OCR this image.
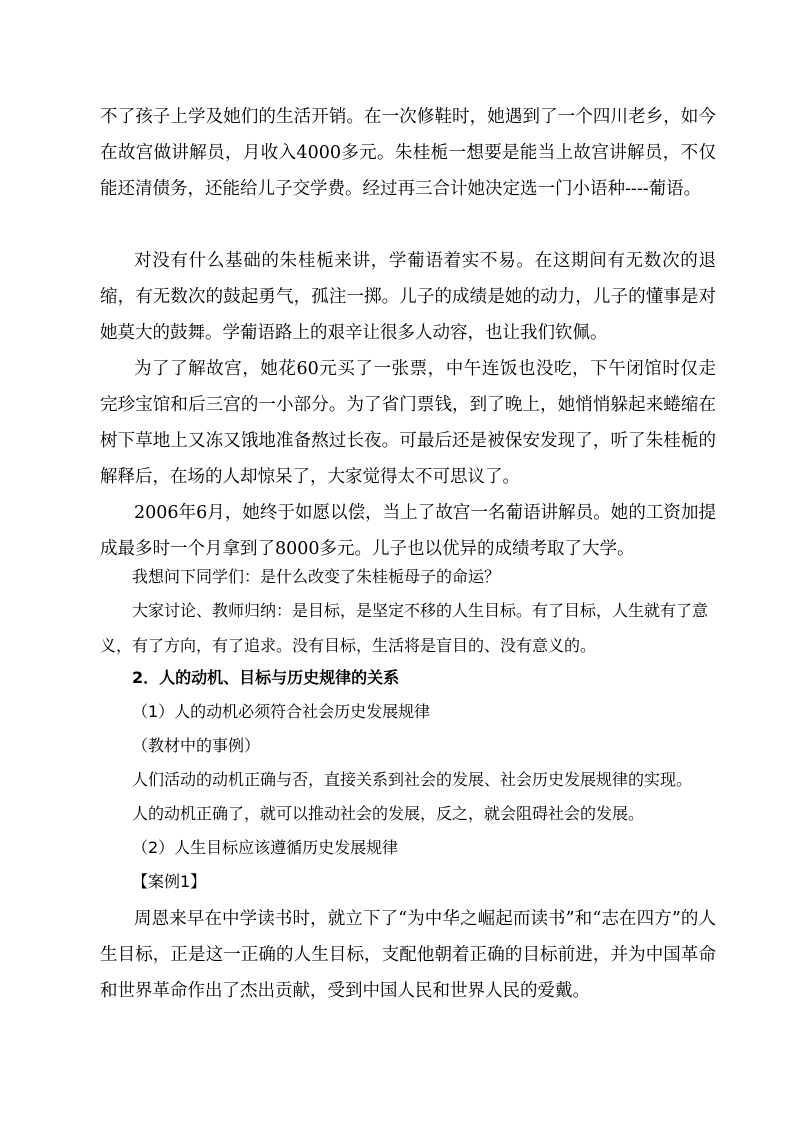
不了孩子上学及她们的生活开销。在一次修鞋时，她遇到了一个四川老乡，如今在故宫做讲解员，月收入4000多元。朱桂栀一想要是能当上故宫讲解员，不仅能还清债务，还能给儿子交学费。经过再三合计她决定选一门小语种----葡语。
对没有什么基础的朱桂栀来讲，学葡语着实不易。在这期间有无数次的退缩，有无数次的鼓起勇气，孤注一掷。儿子的成绩是她的动力，儿子的懂事是对她莫大的鼓舞。学葡语路上的艰辛让很多人动容，也让我们钦佩。
为了了解故宫，她花60元买了一张票，中午连饭也没吃，下午闭馆时仅走完珍宝馆和后三宫的一小部分。为了省门票钱，到了晚上，她悄悄躲起来蜷缩在树下草地上又冻又饿地准备熬过长夜。可最后还是被保安发现了，听了朱桂栀的解释后，在场的人却惊呆了，大家觉得太不可思议了。
2006年6月，她终于如愿以偿，当上了故宫一名葡语讲解员。她的工资加提成最多时一个月拿到了8000多元。儿子也以优异的成绩考取了大学。
我想问下同学们：是什么改变了朱桂栀母子的命运？
大家讨论、教师归纳：是目标，是坚定不移的人生目标。有了目标，人生就有了意义，有了方向，有了追求。没有目标，生活将是盲目的、没有意义的。
2．人的动机、目标与历史规律的关系
（1）人的动机必须符合社会历史发展规律
（教材中的事例）
人们活动的动机正确与否，直接关系到社会的发展、社会历史发展规律的实现。
人的动机正确了，就可以推动社会的发展，反之，就会阻碍社会的发展。
（2）人生目标应该遵循历史发展规律
【案例1】
周恩来早在中学读书时，就立下了“为中华之崛起而读书”和“志在四方”的人生目标，正是这一正确的人生目标，支配他朝着正确的目标前进，并为中国革命和世界革命作出了杰出贡献，受到中国人民和世界人民的爱戴。
